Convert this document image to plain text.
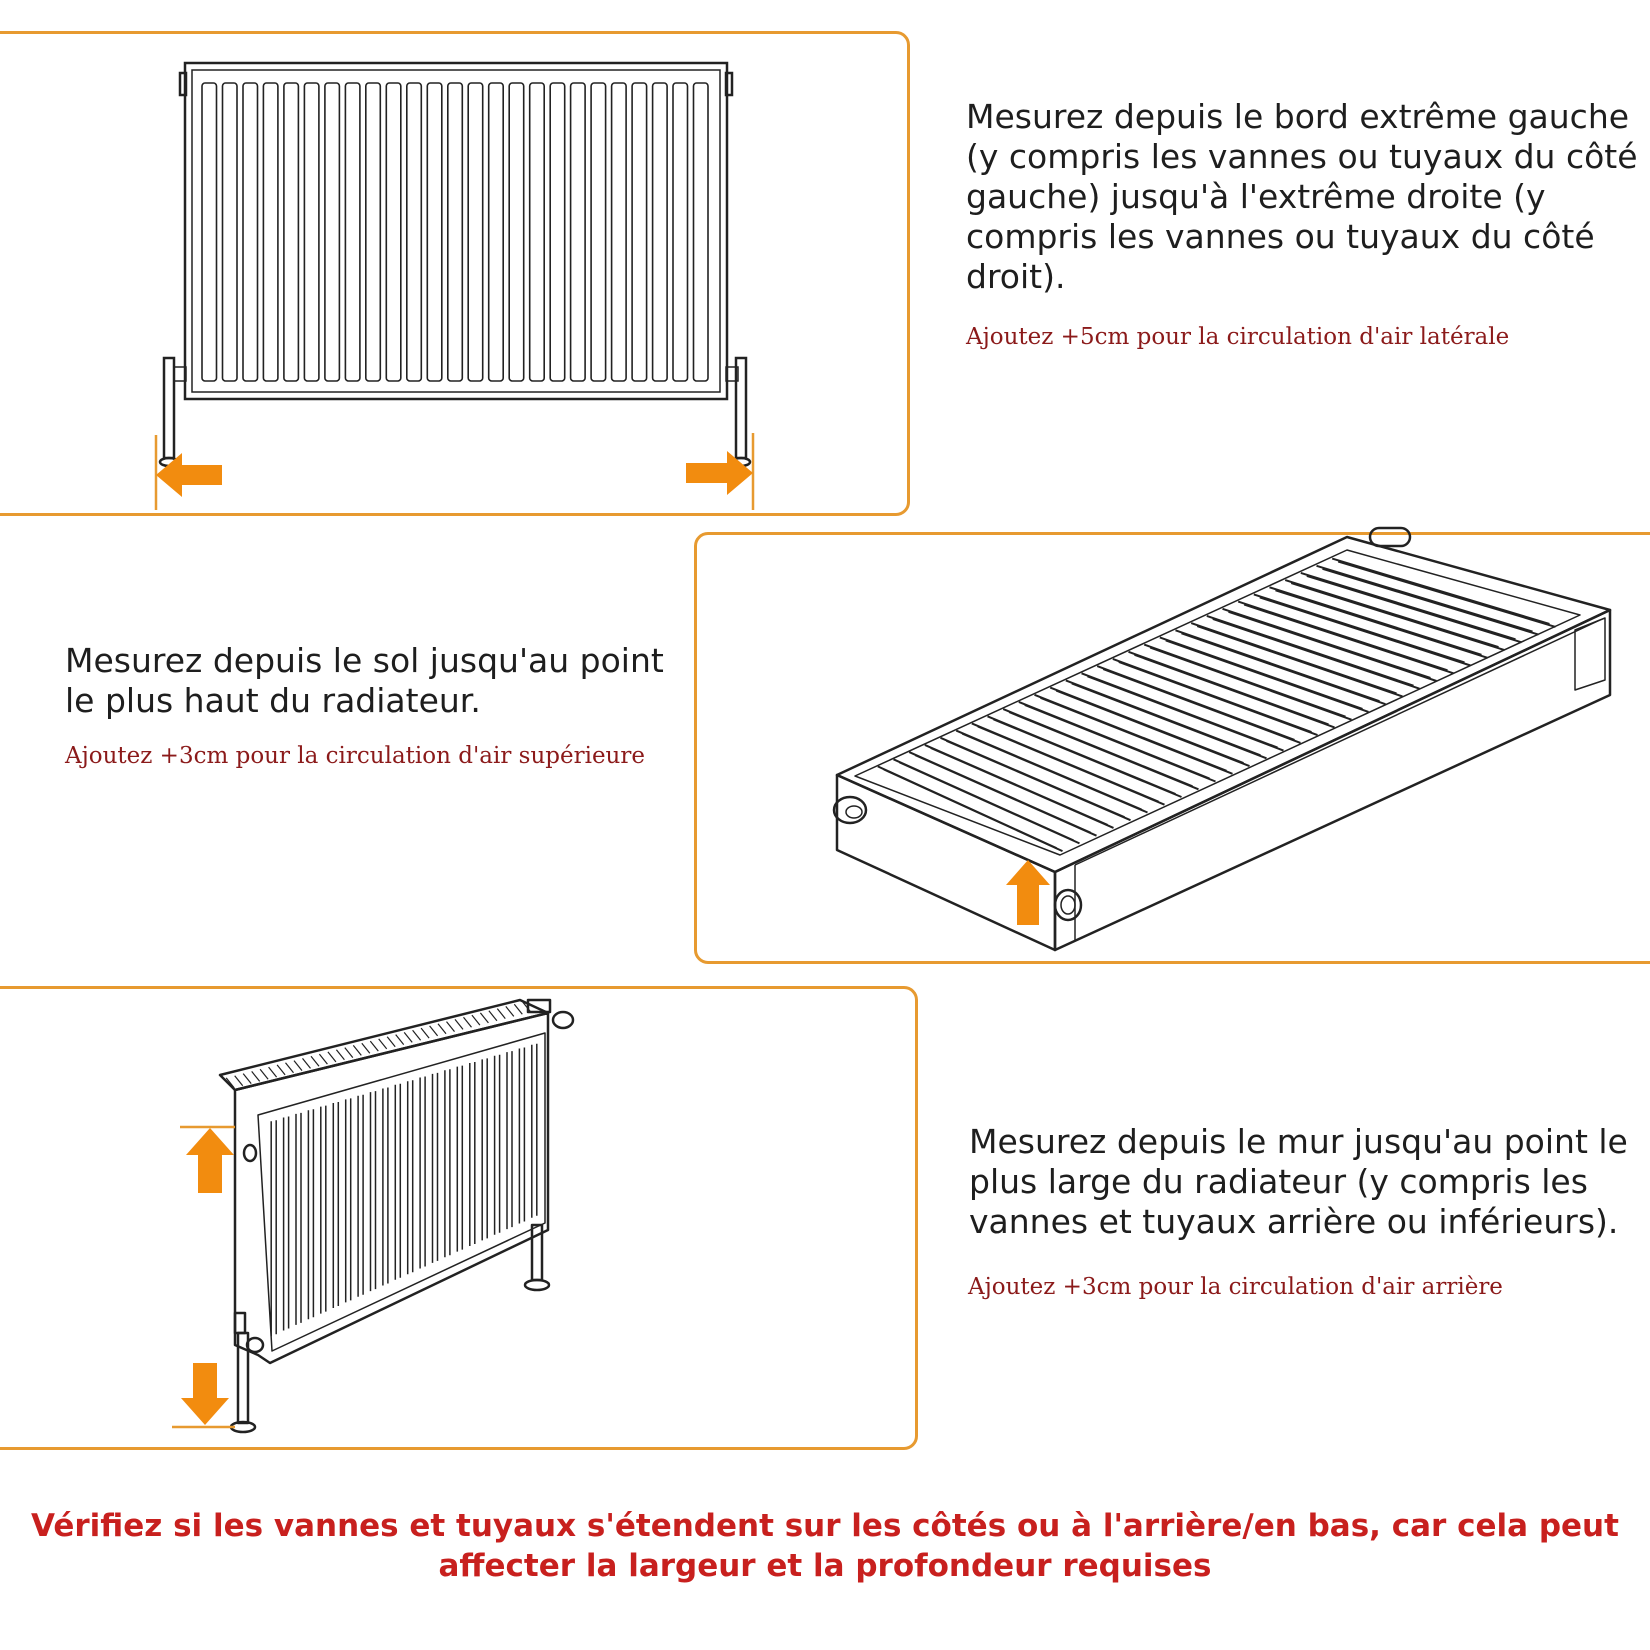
Mesurez depuis le bord extrême gauche (y compris les vannes ou tuyaux du côté gauche) jusqu'à l'extrême droite (y compris les vannes ou tuyaux du côté droit).

Ajoutez +5cm pour la circulation d'air latérale

Mesurez depuis le sol jusqu'au point le plus haut du radiateur.

Ajoutez +3cm pour la circulation d'air supérieure

Mesurez depuis le mur jusqu'au point le plus large du radiateur (y compris les vannes et tuyaux arrière ou inférieurs).

Ajoutez +3cm pour la circulation d'air arrière

Vérifiez si les vannes et tuyaux s'étendent sur les côtés ou à l'arrière/en bas, car cela peut affecter la largeur et la profondeur requises
